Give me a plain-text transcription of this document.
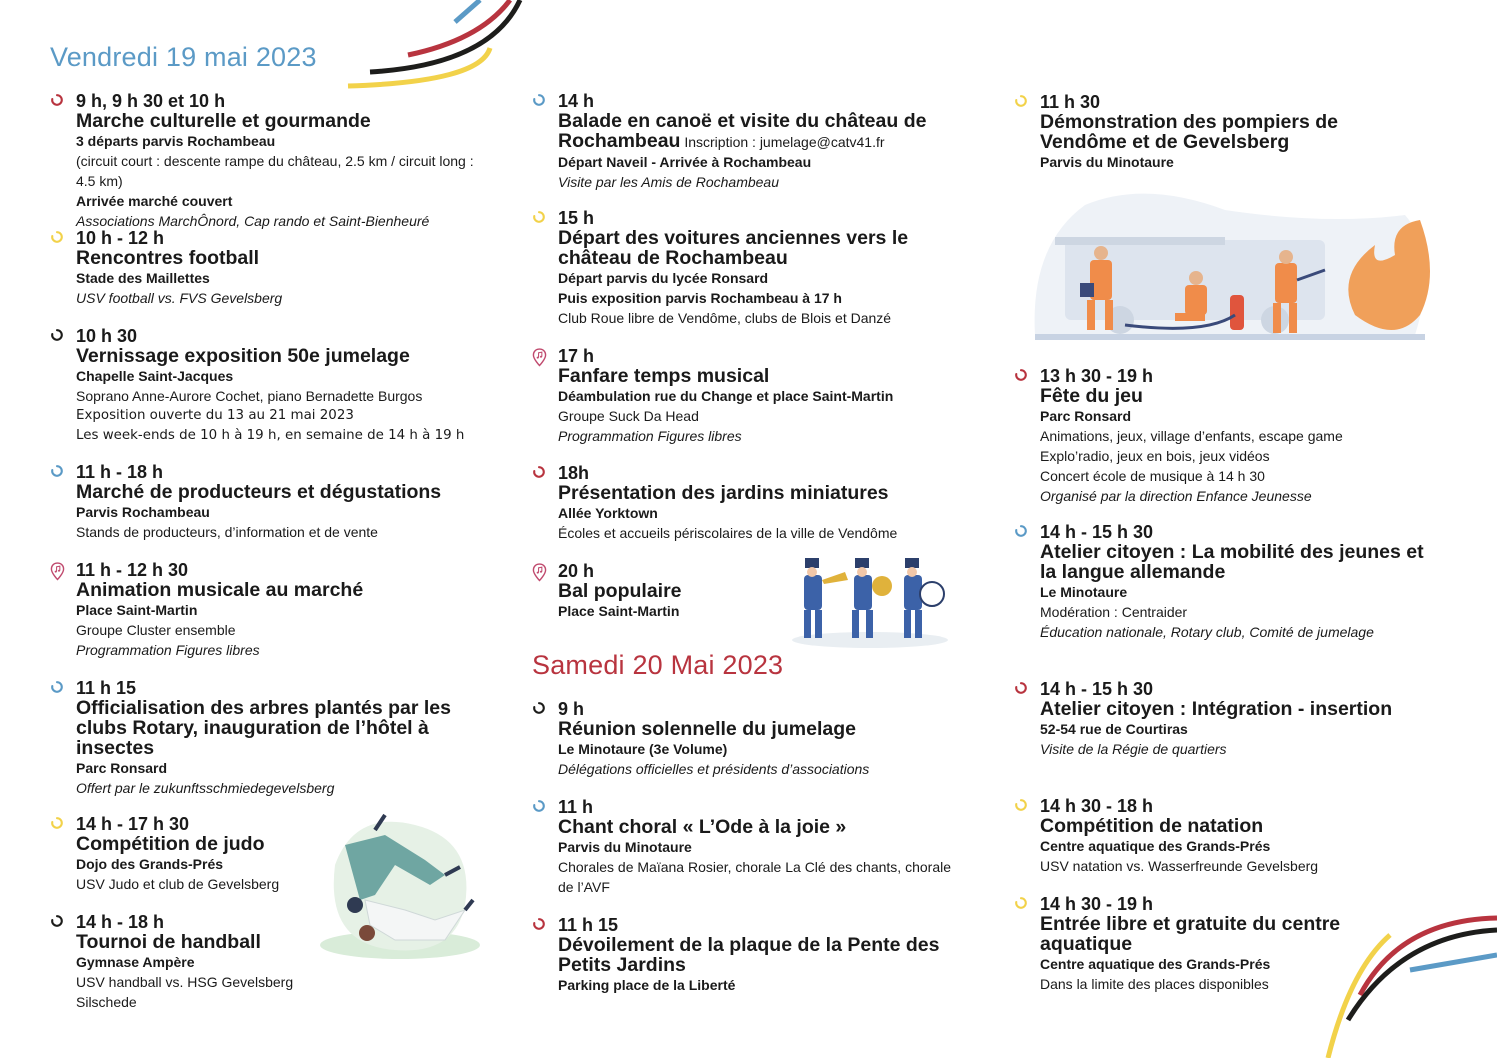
Vendredi 19 mai 2023
9 h, 9 h 30 et 10 h
Marche culturelle et gourmande
3 départs parvis Rochambeau
(circuit court : descente rampe du château, 2.5 km / circuit long : 4.5 km)
Arrivée marché couvert
Associations MarchÔnord, Cap rando et Saint-Bienheuré
10 h - 12 h
Rencontres football
Stade des Maillettes
USV football vs. FVS Gevelsberg
10 h 30
Vernissage exposition 50e jumelage
Chapelle Saint-Jacques
Soprano Anne-Aurore Cochet, piano Bernadette Burgos
Exposition ouverte du 13 au 21 mai 2023
Les week-ends de 10 h à 19 h, en semaine de 14 h à 19 h
11 h - 18 h
Marché de producteurs et dégustations
Parvis Rochambeau
Stands de producteurs, d’information et de vente
11 h - 12 h 30
Animation musicale au marché
Place Saint-Martin
Groupe Cluster ensemble
Programmation Figures libres
11 h 15
Officialisation des arbres plantés par les clubs Rotary, inauguration de l’hôtel à insectes
Parc Ronsard
Offert par le zukunftsschmiedegevelsberg
14 h - 17 h 30
Compétition de judo
Dojo des Grands-Prés
USV Judo et club de Gevelsberg
14 h - 18 h
Tournoi de handball
Gymnase Ampère
USV handball vs. HSG Gevelsberg Silschede
14 h
Balade en canoë et visite du château de Rochambeau Inscription : jumelage@catv41.fr
Départ Naveil - Arrivée à Rochambeau
Visite par les Amis de Rochambeau
15 h
Départ des voitures anciennes vers le château de Rochambeau
Départ parvis du lycée Ronsard
Puis exposition parvis Rochambeau à 17 h
Club Roue libre de Vendôme, clubs de Blois et Danzé
17 h
Fanfare temps musical
Déambulation rue du Change et place Saint-Martin
Groupe Suck Da Head
Programmation Figures libres
18h
Présentation des jardins miniatures
Allée Yorktown
Écoles et accueils périscolaires de la ville de Vendôme
20 h
Bal populaire
Place Saint-Martin
Samedi 20 Mai 2023
9 h
Réunion solennelle du jumelage
Le Minotaure (3e Volume)
Délégations officielles et présidents d’associations
11 h
Chant choral « L’Ode à la joie »
Parvis du Minotaure
Chorales de Maïana Rosier, chorale La Clé des chants, chorale de l’AVF
11 h 15
Dévoilement de la plaque de la Pente des Petits Jardins
Parking place de la Liberté
11 h 30
Démonstration des pompiers de Vendôme et de Gevelsberg
Parvis du Minotaure
13 h 30 - 19 h
Fête du jeu
Parc Ronsard
Animations, jeux, village d’enfants, escape game
Explo’radio, jeux en bois, jeux vidéos
Concert école de musique à 14 h 30
Organisé par la direction Enfance Jeunesse
14 h - 15 h 30
Atelier citoyen : La mobilité des jeunes et la langue allemande
Le Minotaure
Modération : Centraider
Éducation nationale, Rotary club, Comité de jumelage
14 h - 15 h 30
Atelier citoyen : Intégration - insertion
52-54 rue de Courtiras
Visite de la Régie de quartiers
14 h 30 - 18 h
Compétition de natation
Centre aquatique des Grands-Prés
USV natation vs. Wasserfreunde Gevelsberg
14 h 30 - 19 h
Entrée libre et gratuite du centre aquatique
Centre aquatique des Grands-Prés
Dans la limite des places disponibles
